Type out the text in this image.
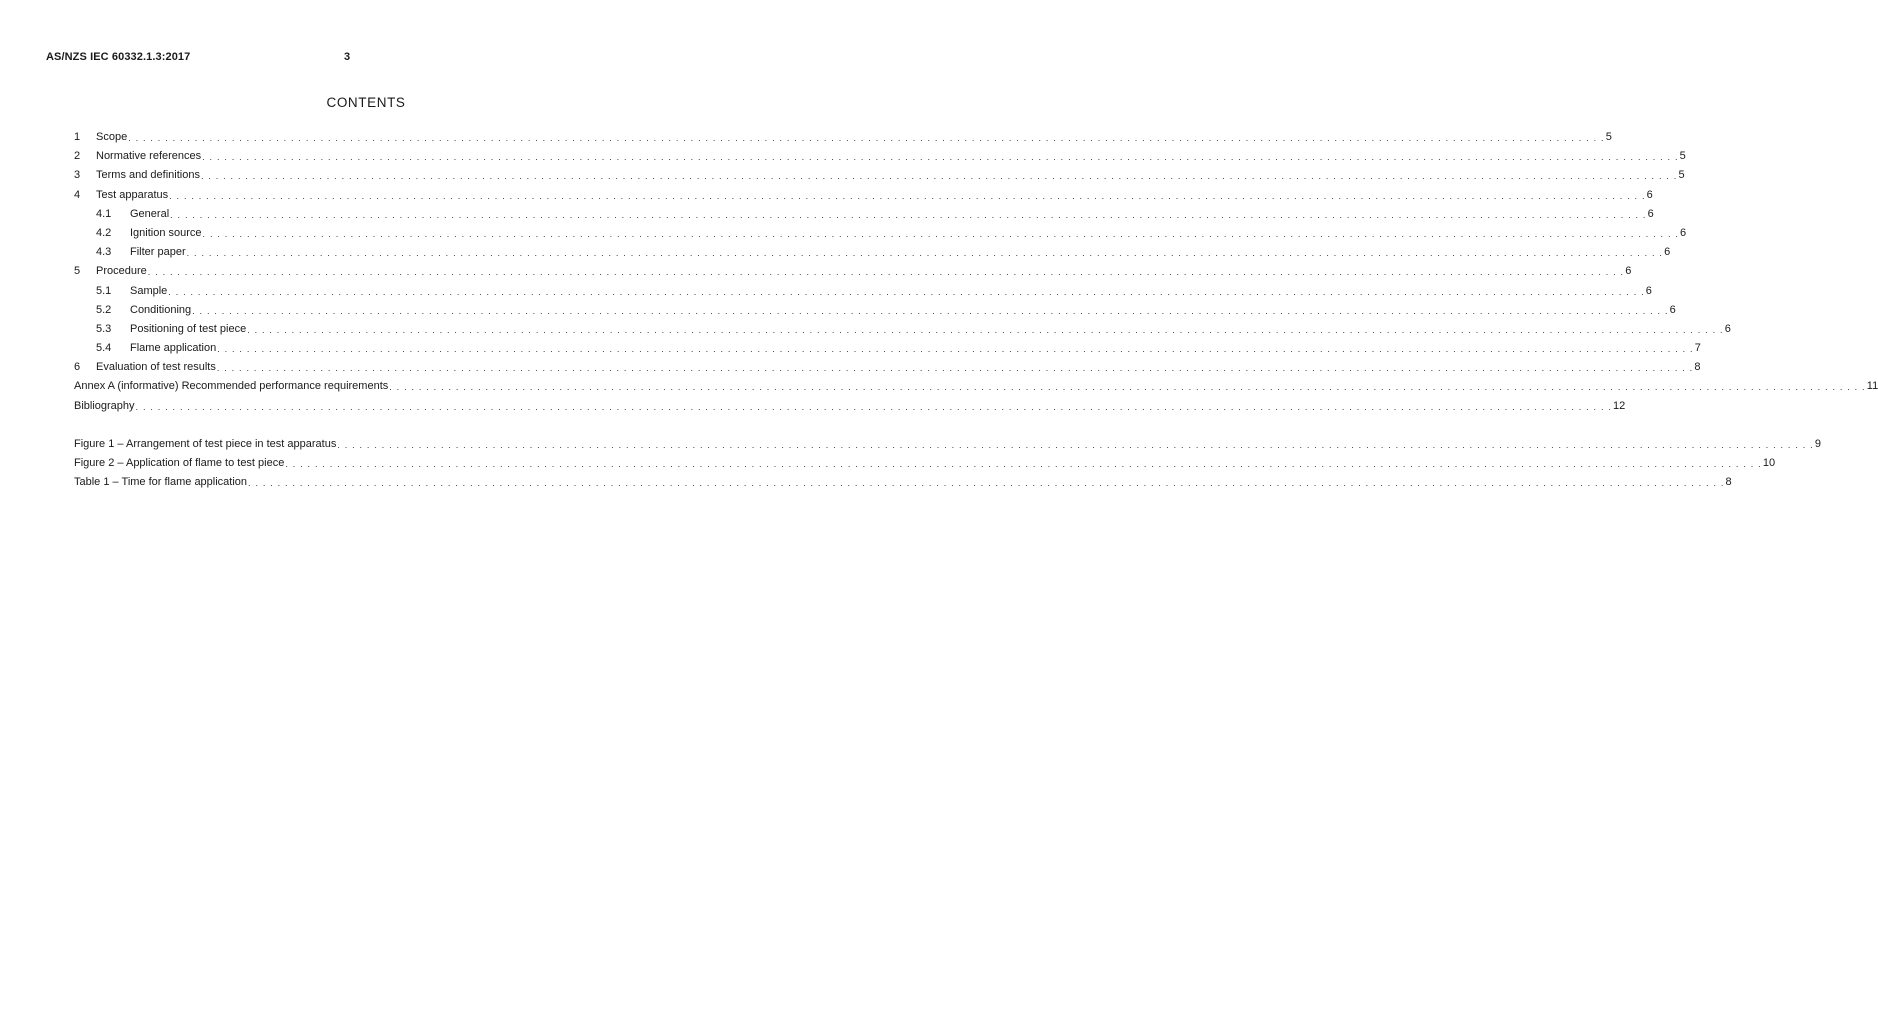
AS/NZS IEC 60332.1.3:2017	3
CONTENTS
1	Scope . . . . . . . . . . . . . . . . . . . . . . . . . . . . . . . . . . . . . . . . . . . . . . . . . . . . . . . . . . . . . . . . . . . . . . . . . . . . . . . . . . . . . . . . . . . . . . . . . . . . . . . . . . . . . . . . . . . . . . . . . . . . . . . . . . . . . . . . . . . . . . . . . . . . . . . . . . . . . . . . . . . . . . . . . . . . . . . . . . . . . . . . . . . . . . . . . . . . . . . . 5
2	Normative references . . . . . . . . . . . . . . . . . . . . . . . . . . . . . . . . . . . . . . . . . . . . . . . . . . . . . . . . . . . . . . . . . . . . . . . . . . . . . . . . . . . . . . . . . . . . . . . . . . . . . . . . . . . . . . . . . . . . . . . . . . . . . . . . . . . . . . . . . . . . . . . . . . . . . . . . . . . . . . . . . . . . . . . . . . . . . . . . . . . . . . . . . . . . . . . . . . . . . . . . 5
3	Terms and definitions . . . . . . . . . . . . . . . . . . . . . . . . . . . . . . . . . . . . . . . . . . . . . . . . . . . . . . . . . . . . . . . . . . . . . . . . . . . . . . . . . . . . . . . . . . . . . . . . . . . . . . . . . . . . . . . . . . . . . . . . . . . . . . . . . . . . . . . . . . . . . . . . . . . . . . . . . . . . . . . . . . . . . . . . . . . . . . . . . . . . . . . . . . . . . . . . . . . . . . . . 5
4	Test apparatus . . . . . . . . . . . . . . . . . . . . . . . . . . . . . . . . . . . . . . . . . . . . . . . . . . . . . . . . . . . . . . . . . . . . . . . . . . . . . . . . . . . . . . . . . . . . . . . . . . . . . . . . . . . . . . . . . . . . . . . . . . . . . . . . . . . . . . . . . . . . . . . . . . . . . . . . . . . . . . . . . . . . . . . . . . . . . . . . . . . . . . . . . . . . . . . . . . . . . . . . 6
4.1	General . . . . . . . . . . . . . . . . . . . . . . . . . . . . . . . . . . . . . . . . . . . . . . . . . . . . . . . . . . . . . . . . . . . . . . . . . . . . . . . . . . . . . . . . . . . . . . . . . . . . . . . . . . . . . . . . . . . . . . . . . . . . . . . . . . . . . . . . . . . . . . . . . . . . . . . . . . . . . . . . . . . . . . . . . . . . . . . . . . . . . . . . . . . . . . . . . . . . . . . . 6
4.2	Ignition source . . . . . . . . . . . . . . . . . . . . . . . . . . . . . . . . . . . . . . . . . . . . . . . . . . . . . . . . . . . . . . . . . . . . . . . . . . . . . . . . . . . . . . . . . . . . . . . . . . . . . . . . . . . . . . . . . . . . . . . . . . . . . . . . . . . . . . . . . . . . . . . . . . . . . . . . . . . . . . . . . . . . . . . . . . . . . . . . . . . . . . . . . . . . . . . . . . . . . . . . 6
4.3	Filter paper . . . . . . . . . . . . . . . . . . . . . . . . . . . . . . . . . . . . . . . . . . . . . . . . . . . . . . . . . . . . . . . . . . . . . . . . . . . . . . . . . . . . . . . . . . . . . . . . . . . . . . . . . . . . . . . . . . . . . . . . . . . . . . . . . . . . . . . . . . . . . . . . . . . . . . . . . . . . . . . . . . . . . . . . . . . . . . . . . . . . . . . . . . . . . . . . . . . . . . . . 6
5	Procedure . . . . . . . . . . . . . . . . . . . . . . . . . . . . . . . . . . . . . . . . . . . . . . . . . . . . . . . . . . . . . . . . . . . . . . . . . . . . . . . . . . . . . . . . . . . . . . . . . . . . . . . . . . . . . . . . . . . . . . . . . . . . . . . . . . . . . . . . . . . . . . . . . . . . . . . . . . . . . . . . . . . . . . . . . . . . . . . . . . . . . . . . . . . . . . . . . . . . . . . . 6
5.1	Sample . . . . . . . . . . . . . . . . . . . . . . . . . . . . . . . . . . . . . . . . . . . . . . . . . . . . . . . . . . . . . . . . . . . . . . . . . . . . . . . . . . . . . . . . . . . . . . . . . . . . . . . . . . . . . . . . . . . . . . . . . . . . . . . . . . . . . . . . . . . . . . . . . . . . . . . . . . . . . . . . . . . . . . . . . . . . . . . . . . . . . . . . . . . . . . . . . . . . . . . . 6
5.2	Conditioning . . . . . . . . . . . . . . . . . . . . . . . . . . . . . . . . . . . . . . . . . . . . . . . . . . . . . . . . . . . . . . . . . . . . . . . . . . . . . . . . . . . . . . . . . . . . . . . . . . . . . . . . . . . . . . . . . . . . . . . . . . . . . . . . . . . . . . . . . . . . . . . . . . . . . . . . . . . . . . . . . . . . . . . . . . . . . . . . . . . . . . . . . . . . . . . . . . . . . . . . 6
5.3	Positioning of test piece . . . . . . . . . . . . . . . . . . . . . . . . . . . . . . . . . . . . . . . . . . . . . . . . . . . . . . . . . . . . . . . . . . . . . . . . . . . . . . . . . . . . . . . . . . . . . . . . . . . . . . . . . . . . . . . . . . . . . . . . . . . . . . . . . . . . . . . . . . . . . . . . . . . . . . . . . . . . . . . . . . . . . . . . . . . . . . . . . . . . . . . . . . . . . . . . . . . . . . . . 6
5.4	Flame application . . . . . . . . . . . . . . . . . . . . . . . . . . . . . . . . . . . . . . . . . . . . . . . . . . . . . . . . . . . . . . . . . . . . . . . . . . . . . . . . . . . . . . . . . . . . . . . . . . . . . . . . . . . . . . . . . . . . . . . . . . . . . . . . . . . . . . . . . . . . . . . . . . . . . . . . . . . . . . . . . . . . . . . . . . . . . . . . . . . . . . . . . . . . . . . . . . . . . . . . 7
6	Evaluation of test results . . . . . . . . . . . . . . . . . . . . . . . . . . . . . . . . . . . . . . . . . . . . . . . . . . . . . . . . . . . . . . . . . . . . . . . . . . . . . . . . . . . . . . . . . . . . . . . . . . . . . . . . . . . . . . . . . . . . . . . . . . . . . . . . . . . . . . . . . . . . . . . . . . . . . . . . . . . . . . . . . . . . . . . . . . . . . . . . . . . . . . . . . . . . . . . . . . . . . . . . 8
Annex A (informative) Recommended performance requirements . . . . . . . . . . . . . . . . . . . . . . . . . . . . . . . . . . . . . . . . . . . . . . . . . . . . . . . . . . . . . . . . . . . . . . . . . . . . . . . . . . . . . . . . . . . . . . . . . . . . . . . . . . . . . . . . . . . . . . . . . . . . . . . . . . . . . . . . . . . . . . . . . . . . . . . . . . . . . . . . . . . . . . . . . . . . . . . . . . . . . . . . . . . . . . . . . . . . . . . . 11
Bibliography . . . . . . . . . . . . . . . . . . . . . . . . . . . . . . . . . . . . . . . . . . . . . . . . . . . . . . . . . . . . . . . . . . . . . . . . . . . . . . . . . . . . . . . . . . . . . . . . . . . . . . . . . . . . . . . . . . . . . . . . . . . . . . . . . . . . . . . . . . . . . . . . . . . . . . . . . . . . . . . . . . . . . . . . . . . . . . . . . . . . . . . . . . . . . . . . . . . . . . . . 12
Figure 1 – Arrangement of test piece in test apparatus . . . . . . . . . . . . . . . . . . . . . . . . . . . . . . . . . . . . . . . . . . . . . . . . . . . . . . . . . . . . . . . . . . . . . . . . . . . . . . . . . . . . . . . . . . . . . . . . . . . . . . . . . . . . . . . . . . . . . . . . . . . . . . . . . . . . . . . . . . . . . . . . . . . . . . . . . . . . . . . . . . . . . . . . . . . . . . . . . . . . . . . . . . . . . . . . . . . . . . . . 9
Figure 2 – Application of flame to test piece . . . . . . . . . . . . . . . . . . . . . . . . . . . . . . . . . . . . . . . . . . . . . . . . . . . . . . . . . . . . . . . . . . . . . . . . . . . . . . . . . . . . . . . . . . . . . . . . . . . . . . . . . . . . . . . . . . . . . . . . . . . . . . . . . . . . . . . . . . . . . . . . . . . . . . . . . . . . . . . . . . . . . . . . . . . . . . . . . . . . . . . . . . . . . . . . . . . . . . . . 10
Table 1 – Time for flame application . . . . . . . . . . . . . . . . . . . . . . . . . . . . . . . . . . . . . . . . . . . . . . . . . . . . . . . . . . . . . . . . . . . . . . . . . . . . . . . . . . . . . . . . . . . . . . . . . . . . . . . . . . . . . . . . . . . . . . . . . . . . . . . . . . . . . . . . . . . . . . . . . . . . . . . . . . . . . . . . . . . . . . . . . . . . . . . . . . . . . . . . . . . . . . . . . . . . . . . . 8
